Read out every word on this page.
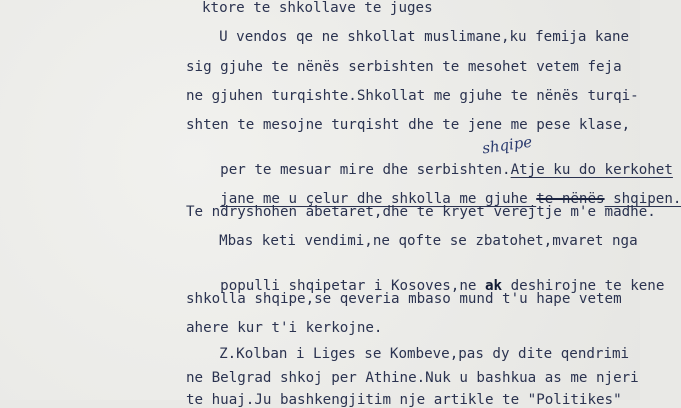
ktore te shkollave te juges
U vendos qe ne shkollat muslimane,ku femija kane
sig gjuhe te nënës serbishten te mesohet vetem feja
ne gjuhen turqishte.Shkollat me gjuhe te nënës turqi-
shten te mesojne turqisht dhe te jene me pese klase,

per te mesuar mire dhe serbishten.Atje ku do kerkohet

shqipe

jane me u çelur dhe shkolla me gjuhe te nënës shqipen.

Te ndryshohen abetaret,dhe te kryet verejtje m'e madhe.
Mbas keti vendimi,ne qofte se zbatohet,mvaret nga

populli shqipetar i Kosoves,ne ak deshirojne te kene

shkolla shqipe,se qeveria mbaso mund t'u hape vetem
ahere kur t'i kerkojne.
Z.Kolban i Liges se Kombeve,pas dy dite qendrimi
ne Belgrad shkoj per Athine.Nuk u bashkua as me njeri
te huaj.Ju bashkengjitim nje artikle te "Politikes"
